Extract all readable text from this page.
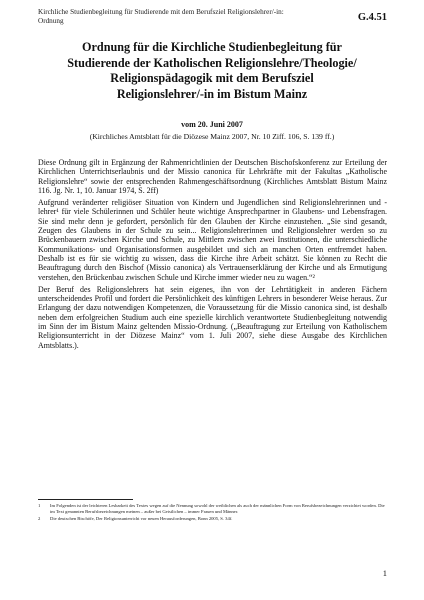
Kirchliche Studienbegleitung für Studierende mit dem Berufsziel Religionslehrer/-in:
Ordnung	G.4.51
Ordnung für die Kirchliche Studienbegleitung für
Studierende der Katholischen Religionslehre/Theologie/
Religionspädagogik mit dem Berufsziel
Religionslehrer/-in im Bistum Mainz
vom 20. Juni 2007
(Kirchliches Amtsblatt für die Diözese Mainz 2007, Nr. 10 Ziff. 106, S. 139 ff.)

Diese Ordnung gilt in Ergänzung der Rahmenrichtlinien der Deutschen Bischofskonferenz zur Erteilung der Kirchlichen Unterrichtserlaubnis und der Missio canonica für Lehrkräfte mit der Fakultas „Katholische Religionslehre“ sowie der entsprechenden Rahmengeschäftsordnung (Kirchliches Amtsblatt Bistum Mainz 116. Jg. Nr. 1, 10. Januar 1974, S. 2ff)

Aufgrund veränderter religiöser Situation von Kindern und Jugendlichen sind Religionslehrerinnen und -lehrer¹ für viele Schülerinnen und Schüler heute wichtige Ansprechpartner in Glaubens- und Lebensfragen. Sie sind mehr denn je gefordert, persönlich für den Glauben der Kirche einzustehen. „Sie sind gesandt, Zeugen des Glaubens in der Schule zu sein... Religionslehrerinnen und Religionslehrer werden so zu Brückenbauern zwischen Kirche und Schule, zu Mittlern zwischen zwei Institutionen, die unterschiedliche Kommunikations- und Organisationsformen ausgebildet und sich an manchen Orten entfremdet haben. Deshalb ist es für sie wichtig zu wissen, dass die Kirche ihre Arbeit schätzt. Sie können zu Recht die Beauftragung durch den Bischof (Missio canonica) als Vertrauenserklärung der Kirche und als Ermutigung verstehen, den Brückenbau zwischen Schule und Kirche immer wieder neu zu wagen.“²

Der Beruf des Religionslehrers hat sein eigenes, ihn von der Lehrtätigkeit in anderen Fächern unterscheidendes Profil und fordert die Persönlichkeit des künftigen Lehrers in besonderer Weise heraus. Zur Erlangung der dazu notwendigen Kompetenzen, die Voraussetzung für die Missio canonica sind, ist deshalb neben dem erfolgreichen Studium auch eine spezielle kirchlich verantwortete Studienbegleitung notwendig im Sinn der im Bistum Mainz geltenden Missio-Ordnung. („Beauftragung zur Erteilung von Katholischem Religionsunterricht in der Diözese Mainz“ vom 1. Juli 2007, siehe diese Ausgabe des Kirchlichen Amtsblatts.).

1	Im Folgenden ist der leichteren Lesbarkeit des Textes wegen auf die Nennung sowohl der weiblichen als auch der männlichen Form von Berufsbezeichnungen verzichtet worden. Die im Text genannten Berufsbezeichnungen meinen – außer bei Geistlichen – immer Frauen und Männer.
2	Die deutschen Bischöfe, Der Religionsunterricht vor neuen Herausforderungen, Bonn 2005, S. 34f.
1
